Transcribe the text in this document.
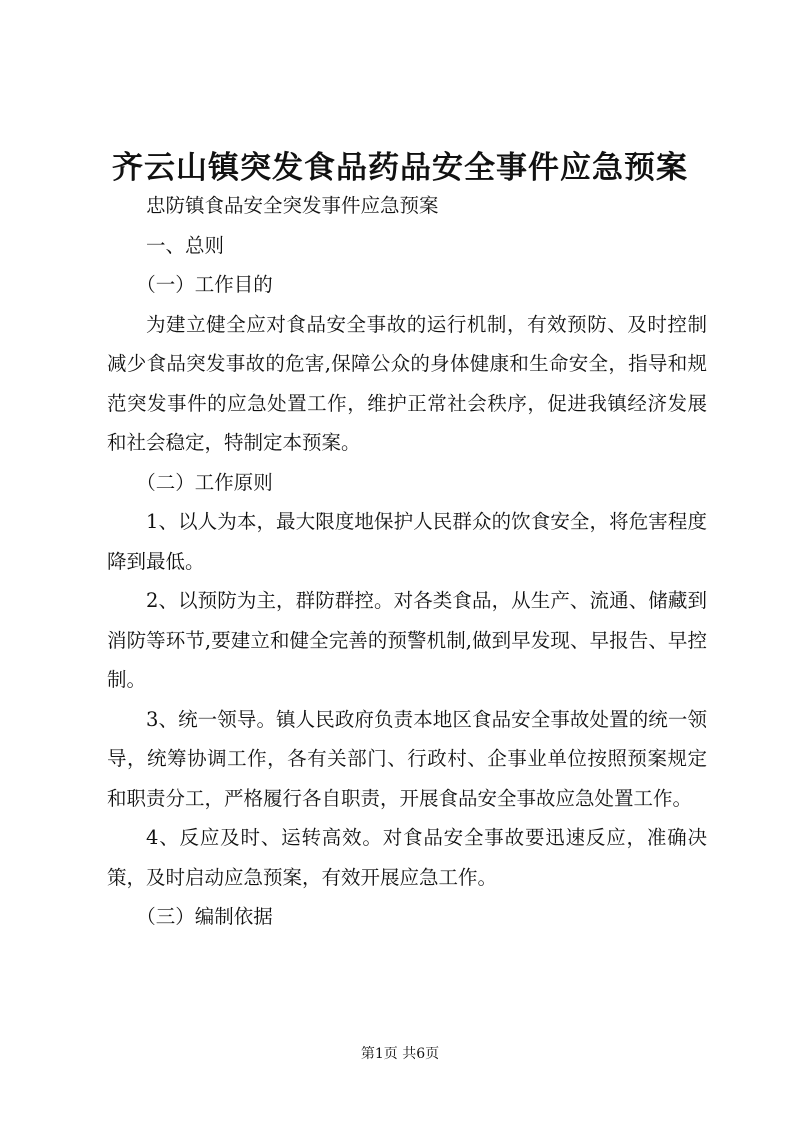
齐云山镇突发食品药品安全事件应急预案

忠防镇食品安全突发事件应急预案

一、总则

（一）工作目的

为建立健全应对食品安全事故的运行机制，有效预防、及时控制减少食品突发事故的危害,保障公众的身体健康和生命安全，指导和规范突发事件的应急处置工作，维护正常社会秩序，促进我镇经济发展和社会稳定，特制定本预案。

（二）工作原则

1、以人为本，最大限度地保护人民群众的饮食安全，将危害程度降到最低。

2、以预防为主，群防群控。对各类食品，从生产、流通、储藏到消防等环节,要建立和健全完善的预警机制,做到早发现、早报告、早控制。

3、统一领导。镇人民政府负责本地区食品安全事故处置的统一领导，统筹协调工作，各有关部门、行政村、企事业单位按照预案规定和职责分工，严格履行各自职责，开展食品安全事故应急处置工作。

4、反应及时、运转高效。对食品安全事故要迅速反应，准确决策，及时启动应急预案，有效开展应急工作。

（三）编制依据

第1页 共6页
